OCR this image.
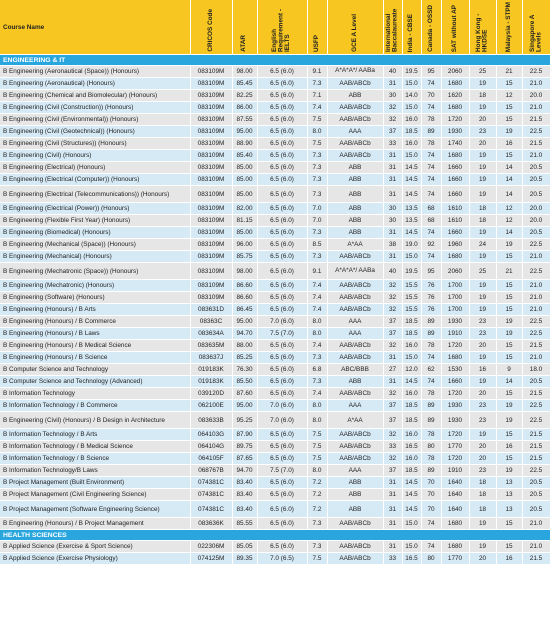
Course Name	CRICOS Code	ATAR	English Requirement - IELTS	USFP	GCE A Level	International Baccalaureate	India - CBSE	Canada - OSSD	SAT without AP	Hong Kong - HKDSE	Malaysia - STPM	Singapore A Levels
ENGINEERING & IT												
B Engineering (Aeronautical (Space)) (Honours)	083109M	98.00	6.5 (6.0)	9.1	A*A*A*/ AABa	40	19.5	95	2060	25	21	22.5
B Engineering (Aeronautical) (Honours)	083109M	85.45	6.5 (6.0)	7.3	AAB/ABCb	31	15.0	74	1680	19	15	21.0
B Engineering (Chemical and Biomolecular) (Honours)	083109M	82.25	6.5 (6.0)	7.1	ABB	30	14.0	70	1620	18	12	20.0
B Engineering (Civil (Construction)) (Honours)	083109M	86.00	6.5 (6.0)	7.4	AAB/ABCb	32	15.0	74	1680	19	15	21.0
B Engineering (Civil (Environmental)) (Honours)	083109M	87.55	6.5 (6.0)	7.5	AAB/ABCb	32	16.0	78	1720	20	15	21.5
B Engineering (Civil (Geotechnical)) (Honours)	083109M	95.00	6.5 (6.0)	8.0	AAA	37	18.5	89	1930	23	19	22.5
B Engineering (Civil (Structures)) (Honours)	083109M	88.90	6.5 (6.0)	7.5	AAB/ABCb	33	16.0	78	1740	20	16	21.5
B Engineering (Civil) (Honours)	083109M	85.40	6.5 (6.0)	7.3	AAB/ABCb	31	15.0	74	1680	19	15	21.0
B Engineering (Electrical) (Honours)	083109M	85.00	6.5 (6.0)	7.3	ABB	31	14.5	74	1660	19	14	20.5
B Engineering (Electrical (Computer)) (Honours)	083109M	85.00	6.5 (6.0)	7.3	ABB	31	14.5	74	1660	19	14	20.5
B Engineering (Electrical (Telecommunications)) (Honours)	083109M	85.00	6.5 (6.0)	7.3	ABB	31	14.5	74	1660	19	14	20.5
B Engineering (Electrical (Power)) (Honours)	083109M	82.00	6.5 (6.0)	7.0	ABB	30	13.5	68	1610	18	12	20.0
B Engineering (Flexible First Year) (Honours)	083109M	81.15	6.5 (6.0)	7.0	ABB	30	13.5	68	1610	18	12	20.0
B Engineering (Biomedical) (Honours)	083109M	85.00	6.5 (6.0)	7.3	ABB	31	14.5	74	1660	19	14	20.5
B Engineering (Mechanical (Space)) (Honours)	083109M	96.00	6.5 (6.0)	8.5	A*AA	38	19.0	92	1960	24	19	22.5
B Engineering (Mechanical) (Honours)	083109M	85.75	6.5 (6.0)	7.3	AAB/ABCb	31	15.0	74	1680	19	15	21.0
B Engineering (Mechatronic (Space)) (Honours)	083109M	98.00	6.5 (6.0)	9.1	A*A*A*/ AABa	40	19.5	95	2060	25	21	22.5
B Engineering (Mechatronic) (Honours)	083109M	86.60	6.5 (6.0)	7.4	AAB/ABCb	32	15.5	76	1700	19	15	21.0
B Engineering (Software) (Honours)	083109M	86.60	6.5 (6.0)	7.4	AAB/ABCb	32	15.5	76	1700	19	15	21.0
B Engineering (Honours) / B Arts	083631D	86.45	6.5 (6.0)	7.4	AAB/ABCb	32	15.5	76	1700	19	15	21.0
B Engineering (Honours) / B Commerce	08363C	95.00	7.0 (6.0)	8.0	AAA	37	18.5	89	1930	23	19	22.5
B Engineering (Honours) / B Laws	083634A	94.70	7.5 (7.0)	8.0	AAA	37	18.5	89	1910	23	19	22.5
B Engineering (Honours) / B Medical Science	083635M	88.00	6.5 (6.0)	7.4	AAB/ABCb	32	16.0	78	1720	20	15	21.5
B Engineering (Honours) / B Science	083637J	85.25	6.5 (6.0)	7.3	AAB/ABCb	31	15.0	74	1680	19	15	21.0
B Computer Science and Technology	019183K	76.30	6.5 (6.0)	6.8	ABC/BBB	27	12.0	62	1530	16	9	18.0
B Computer Science and Technology (Advanced)	019183K	85.50	6.5 (6.0)	7.3	ABB	31	14.5	74	1660	19	14	20.5
B Information Technology	039120D	87.60	6.5 (6.0)	7.4	AAB/ABCb	32	16.0	78	1720	20	15	21.5
B Information Technology / B Commerce	062100E	95.00	7.0 (6.0)	8.0	AAA	37	18.5	89	1930	23	19	22.5
B Engineering (Civil) (Honours) / B Design in Architecture	083633B	95.25	7.0 (6.0)	8.0	A*AA	37	18.5	89	1930	23	19	22.5
B Information Technology / B Arts	064103G	87.90	6.5 (6.0)	7.5	AAB/ABCb	32	16.0	78	1720	19	15	21.5
B Information Technology / B Medical Science	064104G	89.75	6.5 (6.0)	7.5	AAB/ABCb	33	16.5	80	1770	20	16	21.5
B Information Technology / B Science	064105F	87.65	6.5 (6.0)	7.5	AAB/ABCb	32	16.0	78	1720	20	15	21.5
B Information Technology/B Laws	068767B	94.70	7.5 (7.0)	8.0	AAA	37	18.5	89	1910	23	19	22.5
B Project Management (Built Environment)	074381C	83.40	6.5 (6.0)	7.2	ABB	31	14.5	70	1640	18	13	20.5
B Project Management (Civil Engineering Science)	074381C	83.40	6.5 (6.0)	7.2	ABB	31	14.5	70	1640	18	13	20.5
B Project Management (Software Engineering Science)	074381C	83.40	6.5 (6.0)	7.2	ABB	31	14.5	70	1640	18	13	20.5
B Engineering (Honours) / B Project Management	083636K	85.55	6.5 (6.0)	7.3	AAB/ABCb	31	15.0	74	1680	19	15	21.0
HEALTH SCIENCES												
B Applied Science (Exercise & Sport Science)	022306M	85.05	6.5 (6.0)	7.3	AAB/ABCb	31	15.0	74	1680	19	15	21.0
B Applied Science (Exercise Physiology)	074125M	89.35	7.0 (6.5)	7.5	AAB/ABCb	33	16.5	80	1770	20	16	21.5
